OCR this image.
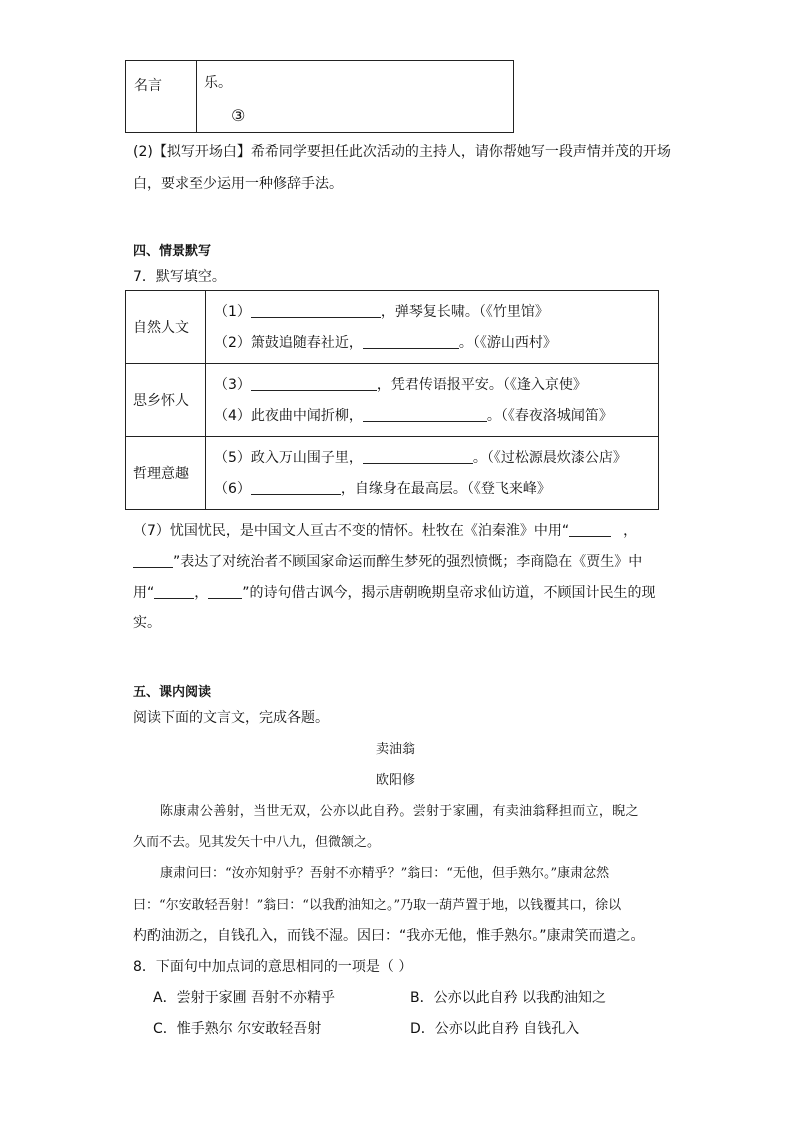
名言	乐。
③
(2)【拟写开场白】希希同学要担任此次活动的主持人，请你帮她写一段声情并茂的开场
白，要求至少运用一种修辞手法。
四、情景默写
7．默写填空。
自然人文	（1） ，弹琴复长啸。（《竹里馆》
（2）箫鼓追随春社近， 。（《游山西村》

思乡怀人	（3） ，凭君传语报平安。（《逢入京使》
（4）此夜曲中闻折柳， 。（《春夜洛城闻笛》

哲理意趣	（5）政入万山围子里， 。（《过松源晨炊漆公店》
（6） ，自缘身在最高层。（《登飞来峰》
（7）忧国忧民，是中国文人亘古不变的情怀。杜牧在《泊秦淮》中用“	，
”表达了对统治者不顾国家命运而醉生梦死的强烈愤慨；李商隐在《贾生》中
用“	， ”的诗句借古讽今，揭示唐朝晚期皇帝求仙访道，不顾国计民生的现
实。
五、课内阅读
阅读下面的文言文，完成各题。
卖油翁
欧阳修
陈康肃公善射，当世无双，公亦以此自矜。尝射于家圃，有卖油翁释担而立，睨之
久而不去。见其发矢十中八九，但微颔之。
康肃问曰：“汝亦知射乎？吾射不亦精乎？”翁曰：“无他，但手熟尔。”康肃忿然
曰：“尔安敢轻吾射！”翁曰：“以我酌油知之。”乃取一葫芦置于地，以钱覆其口，徐以
杓酌油沥之，自钱孔入，而钱不湿。因曰：“我亦无他，惟手熟尔。”康肃笑而遣之。
8．下面句中加点词的意思相同的一项是（ ）
A．尝射于家圃 吾射不亦精乎	B．公亦以此自矜 以我酌油知之
C．惟手熟尔 尔安敢轻吾射	D．公亦以此自矜 自钱孔入
